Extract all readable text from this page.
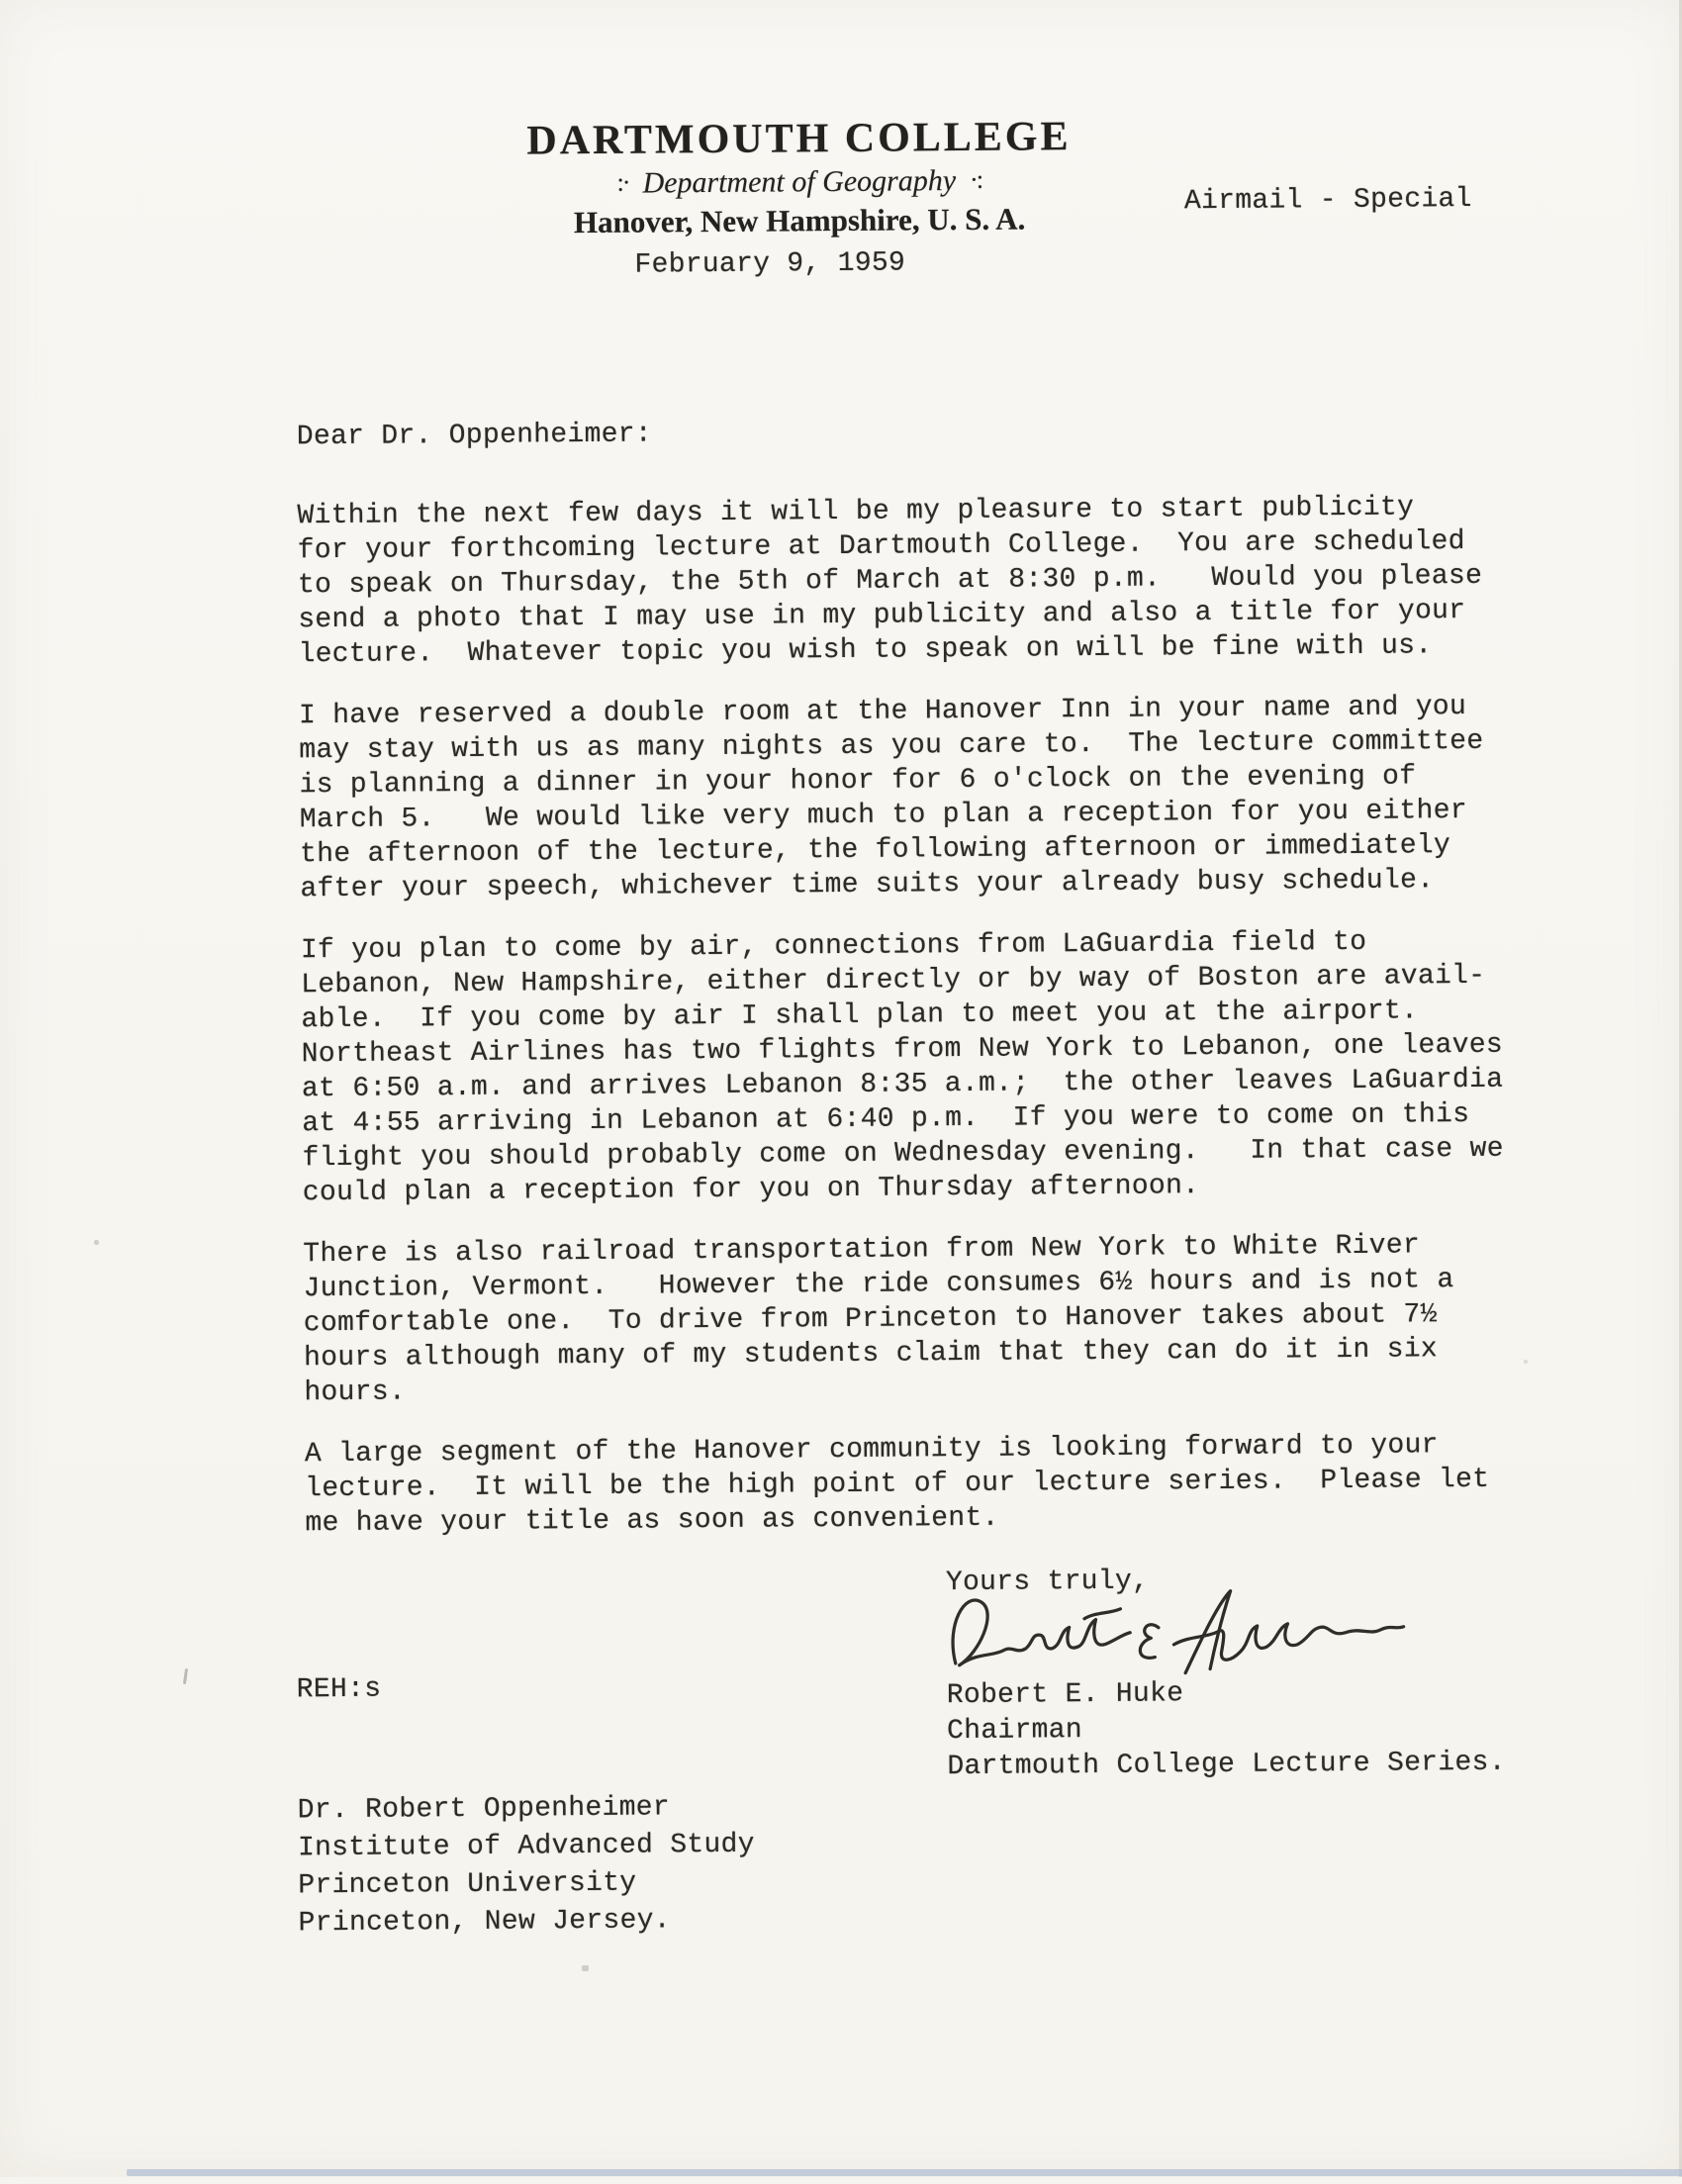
DARTMOUTH COLLEGE
:· Department of Geography ·:
Hanover, New Hampshire, U. S. A.
February 9, 1959
Airmail - Special
Dear Dr. Oppenheimer:
Within the next few days it will be my pleasure to start publicity
for your forthcoming lecture at Dartmouth College.  You are scheduled
to speak on Thursday, the 5th of March at 8:30 p.m.   Would you please
send a photo that I may use in my publicity and also a title for your
lecture.  Whatever topic you wish to speak on will be fine with us.
I have reserved a double room at the Hanover Inn in your name and you
may stay with us as many nights as you care to.  The lecture committee
is planning a dinner in your honor for 6 o'clock on the evening of
March 5.   We would like very much to plan a reception for you either
the afternoon of the lecture, the following afternoon or immediately
after your speech, whichever time suits your already busy schedule.
If you plan to come by air, connections from LaGuardia field to
Lebanon, New Hampshire, either directly or by way of Boston are avail-
able.  If you come by air I shall plan to meet you at the airport.
Northeast Airlines has two flights from New York to Lebanon, one leaves
at 6:50 a.m. and arrives Lebanon 8:35 a.m.;  the other leaves LaGuardia
at 4:55 arriving in Lebanon at 6:40 p.m.  If you were to come on this
flight you should probably come on Wednesday evening.   In that case we
could plan a reception for you on Thursday afternoon.
There is also railroad transportation from New York to White River
Junction, Vermont.   However the ride consumes 6½ hours and is not a
comfortable one.  To drive from Princeton to Hanover takes about 7½
hours although many of my students claim that they can do it in six
hours.
A large segment of the Hanover community is looking forward to your
lecture.  It will be the high point of our lecture series.  Please let
me have your title as soon as convenient.
Yours truly,
Robert E. Huke
Chairman
Dartmouth College Lecture Series.
REH:s
Dr. Robert Oppenheimer
Institute of Advanced Study
Princeton University
Princeton, New Jersey.
